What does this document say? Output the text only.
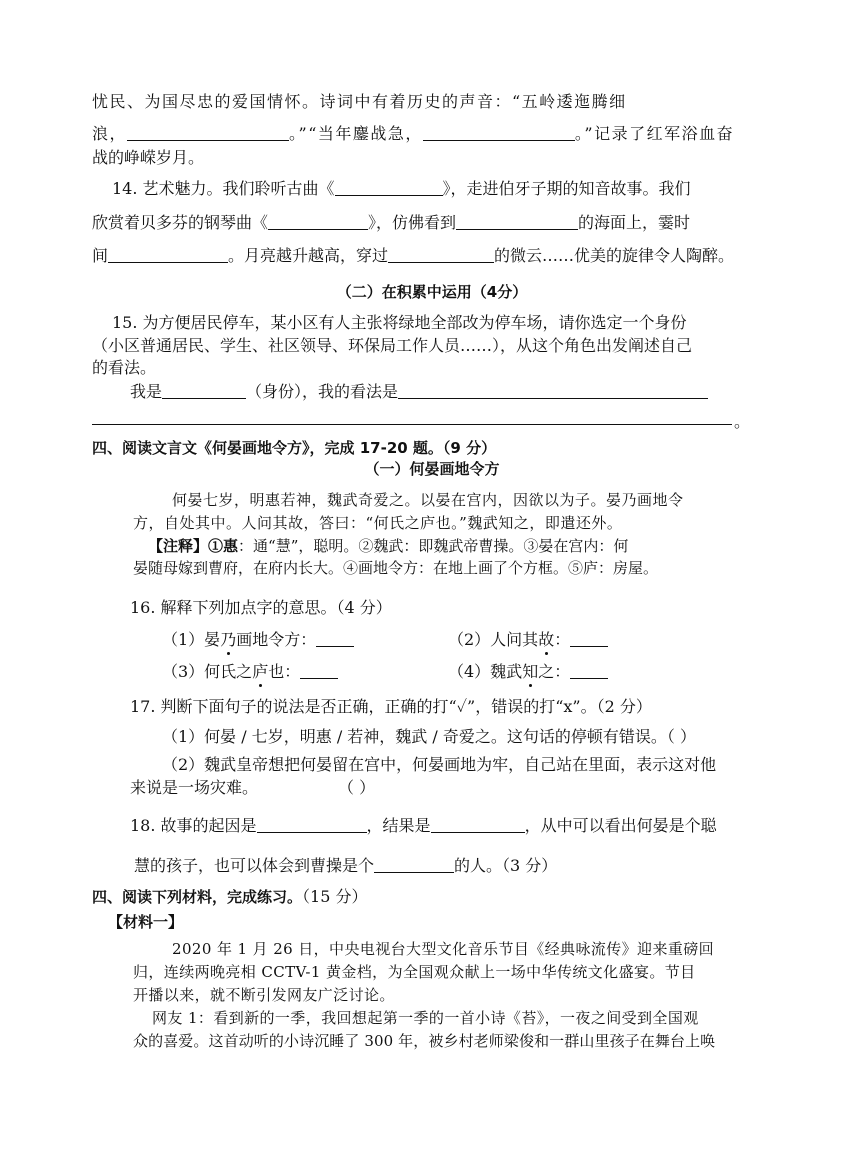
忧民、为国尽忠的爱国情怀。诗词中有着历史的声音：“五岭逶迤腾细
浪，	。”“当年鏖战急，	。”记录了红军浴血奋
战的峥嵘岁月。
14. 艺术魅力。我们聆听古曲《	》，走进伯牙子期的知音故事。我们
欣赏着贝多芬的钢琴曲《	》，仿佛看到	的海面上，霎时
间	。月亮越升越高，穿过	的微云……优美的旋律令人陶醉。
（二）在积累中运用（4分）
15. 为方便居民停车，某小区有人主张将绿地全部改为停车场，请你选定一个身份
（小区普通居民、学生、社区领导、环保局工作人员……），从这个角色出发阐述自己
的看法。
我是	（身份），我的看法是
。
四、阅读文言文《何晏画地令方》，完成 17-20 题。（9 分）
（一）何晏画地令方
何晏七岁，明惠若神，魏武奇爱之。以晏在宫内，因欲以为子。晏乃画地令
方，自处其中。人问其故，答曰：“何氏之庐也。”魏武知之，即遣还外。
【注释】①惠：通“慧”，聪明。②魏武：即魏武帝曹操。③晏在宫内：何
晏随母嫁到曹府，在府内长大。④画地令方：在地上画了个方框。⑤庐：房屋。
16. 解释下列加点字的意思。（4 分）
（1）晏乃画地令方：	（2）人问其故：
（3）何氏之庐也：	（4）魏武知之：
17. 判断下面句子的说法是否正确，正确的打“✓”，错误的打“x”。（2 分）
（1）何晏 / 七岁，明惠 / 若神，魏武 / 奇爱之。这句话的停顿有错误。（ ）
（2）魏武皇帝想把何晏留在宫中，何晏画地为牢，自己站在里面，表示这对他
来说是一场灾难。　　　　　　（ ）
18. 故事的起因是	，结果是	，从中可以看出何晏是个聪
慧的孩子，也可以体会到曹操是个	的人。（3 分）
四、阅读下列材料，完成练习。（15 分）
【材料一】
2020 年 1 月 26 日，中央电视台大型文化音乐节目《经典咏流传》迎来重磅回
归，连续两晚亮相 CCTV-1 黄金档，为全国观众献上一场中华传统文化盛宴。节目
开播以来，就不断引发网友广泛讨论。
网友 1：看到新的一季，我回想起第一季的一首小诗《苔》，一夜之间受到全国观
众的喜爱。这首动听的小诗沉睡了 300 年，被乡村老师梁俊和一群山里孩子在舞台上唤
